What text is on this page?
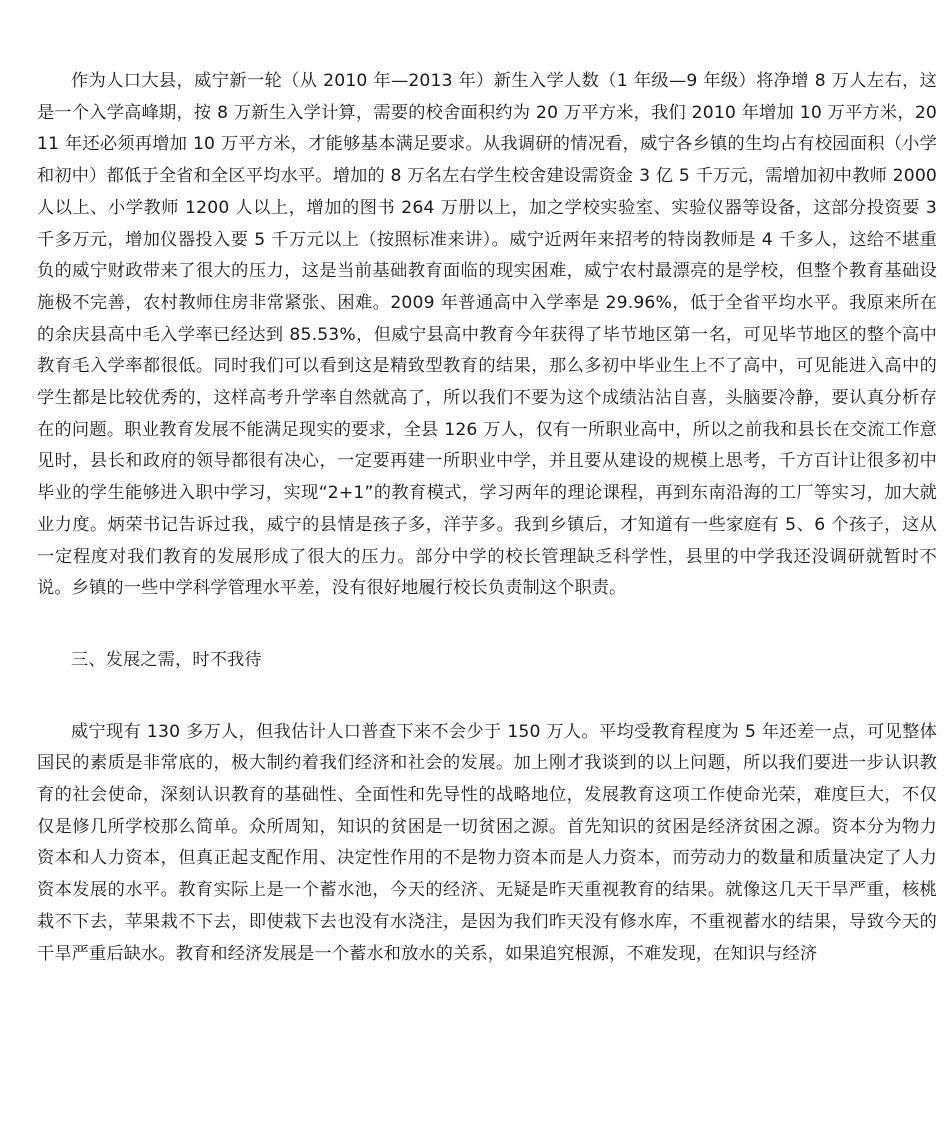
作为人口大县，威宁新一轮（从 2010 年—2013 年）新生入学人数（1 年级—9 年级）将净增 8 万人左右，这是一个入学高峰期，按 8 万新生入学计算，需要的校舍面积约为 20 万平方米，我们 2010 年增加 10 万平方米，2011 年还必须再增加 10 万平方米，才能够基本满足要求。从我调研的情况看，威宁各乡镇的生均占有校园面积（小学和初中）都低于全省和全区平均水平。增加的 8 万名左右学生校舍建设需资金 3 亿 5 千万元，需增加初中教师 2000 人以上、小学教师 1200 人以上，增加的图书 264 万册以上，加之学校实验室、实验仪器等设备，这部分投资要 3 千多万元，增加仪器投入要 5 千万元以上（按照标准来讲）。威宁近两年来招考的特岗教师是 4 千多人，这给不堪重负的威宁财政带来了很大的压力，这是当前基础教育面临的现实困难，威宁农村最漂亮的是学校，但整个教育基础设施极不完善，农村教师住房非常紧张、困难。2009 年普通高中入学率是 29.96%，低于全省平均水平。我原来所在的余庆县高中毛入学率已经达到 85.53%，但威宁县高中教育今年获得了毕节地区第一名，可见毕节地区的整个高中教育毛入学率都很低。同时我们可以看到这是精致型教育的结果，那么多初中毕业生上不了高中，可见能进入高中的学生都是比较优秀的，这样高考升学率自然就高了，所以我们不要为这个成绩沾沾自喜，头脑要冷静，要认真分析存在的问题。职业教育发展不能满足现实的要求，全县 126 万人，仅有一所职业高中，所以之前我和县长在交流工作意见时，县长和政府的领导都很有决心，一定要再建一所职业中学，并且要从建设的规模上思考，千方百计让很多初中毕业的学生能够进入职中学习，实现“2+1”的教育模式，学习两年的理论课程，再到东南沿海的工厂等实习，加大就业力度。炳荣书记告诉过我，威宁的县情是孩子多，洋芋多。我到乡镇后，才知道有一些家庭有 5、6 个孩子，这从一定程度对我们教育的发展形成了很大的压力。部分中学的校长管理缺乏科学性，县里的中学我还没调研就暂时不说。乡镇的一些中学科学管理水平差，没有很好地履行校长负责制这个职责。

三、发展之需，时不我待

威宁现有 130 多万人，但我估计人口普查下来不会少于 150 万人。平均受教育程度为 5 年还差一点，可见整体国民的素质是非常底的，极大制约着我们经济和社会的发展。加上刚才我谈到的以上问题，所以我们要进一步认识教育的社会使命，深刻认识教育的基础性、全面性和先导性的战略地位，发展教育这项工作使命光荣，难度巨大，不仅仅是修几所学校那么简单。众所周知，知识的贫困是一切贫困之源。首先知识的贫困是经济贫困之源。资本分为物力资本和人力资本，但真正起支配作用、决定性作用的不是物力资本而是人力资本，而劳动力的数量和质量决定了人力资本发展的水平。教育实际上是一个蓄水池，今天的经济、无疑是昨天重视教育的结果。就像这几天干旱严重，核桃栽不下去，苹果栽不下去，即使栽下去也没有水浇注，是因为我们昨天没有修水库，不重视蓄水的结果，导致今天的干旱严重后缺水。教育和经济发展是一个蓄水和放水的关系，如果追究根源，不难发现，在知识与经济
